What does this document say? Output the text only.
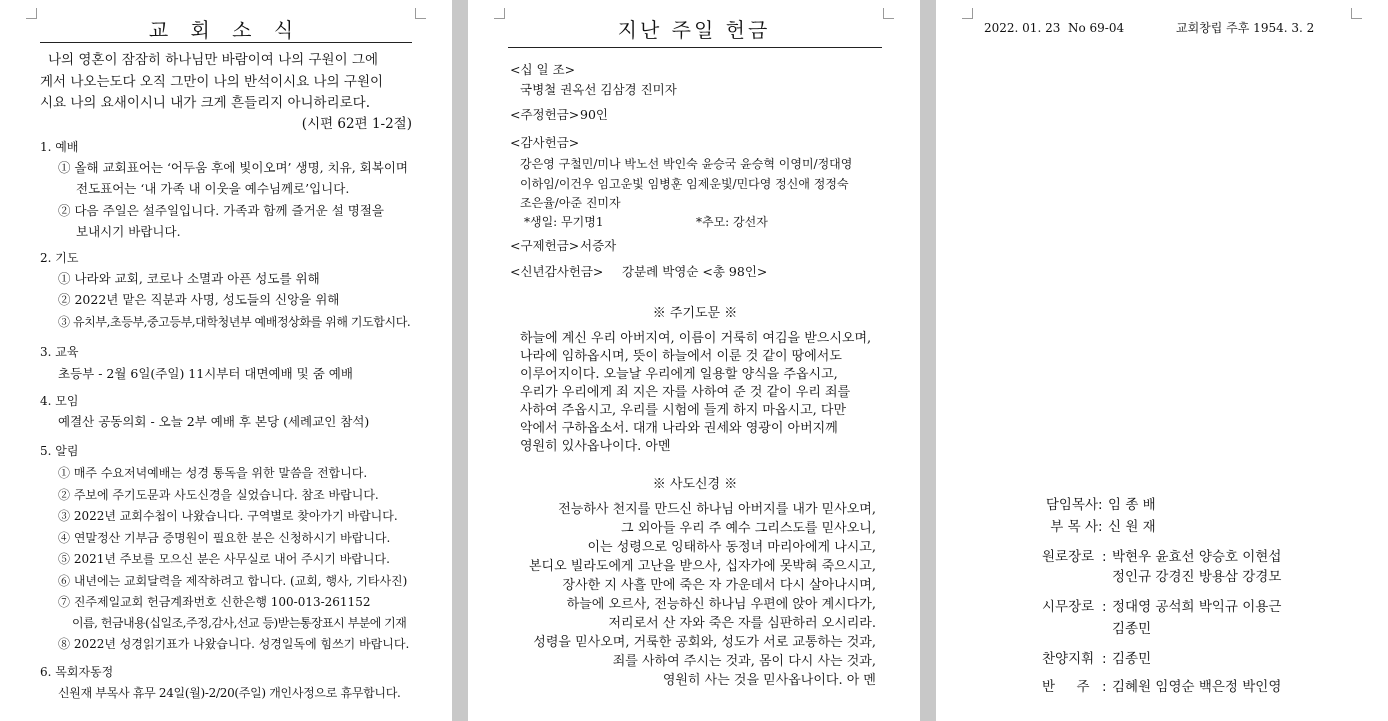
교 회 소 식
나의 영혼이 잠잠히 하나님만 바람이여 나의 구원이 그에
게서 나오는도다 오직 그만이 나의 반석이시요 나의 구원이
시요 나의 요새이시니 내가 크게 흔들리지 아니하리로다.
(시편 62편 1-2절)
1. 예배
① 올해 교회표어는 ‘어두움 후에 빛이오며’ 생명, 치유, 회복이며
전도표어는 ‘내 가족 내 이웃을 예수님께로’입니다.
② 다음 주일은 설주일입니다. 가족과 함께 즐거운 설 명절을
보내시기 바랍니다.
2. 기도
① 나라와 교회, 코로나 소멸과 아픈 성도를 위해
② 2022년 맡은 직분과 사명, 성도들의 신앙을 위해
③ 유치부,초등부,중고등부,대학청년부 예배정상화를 위해 기도합시다.
3. 교육
초등부 - 2월 6일(주일) 11시부터 대면예배 및 줌 예배
4. 모임
예결산 공동의회 - 오늘 2부 예배 후 본당 (세례교인 참석)
5. 알림
① 매주 수요저녁예배는 성경 통독을 위한 말씀을 전합니다.
② 주보에 주기도문과 사도신경을 실었습니다. 참조 바랍니다.
③ 2022년 교회수첩이 나왔습니다. 구역별로 찾아가기 바랍니다.
④ 연말정산 기부금 증명원이 필요한 분은 신청하시기 바랍니다.
⑤ 2021년 주보를 모으신 분은 사무실로 내어 주시기 바랍니다.
⑥ 내년에는 교회달력을 제작하려고 합니다. (교회, 행사, 기타사진)
⑦ 진주제일교회 헌금계좌번호 신한은행 100-013-261152
이름, 헌금내용(십일조,주정,감사,선교 등)받는통장표시 부분에 기재
⑧ 2022년 성경읽기표가 나왔습니다. 성경일독에 힘쓰기 바랍니다.
6. 목회자동정
신원재 부목사 휴무 24일(월)-2/20(주일) 개인사정으로 휴무합니다.
지난 주일 헌금
<십 일 조>
국병철 권옥선 김삼경 진미자
<주정헌금> 90인
<감사헌금>
강은영 구철민/미나 박노선 박인숙 윤승국 윤승혁 이영미/정대영
이하임/이건우 임고운빛 임병훈 임제운빛/민다영 정신애 정정숙
조은율/아준 진미자
*생일: 무기명1	*추모: 강선자
<구제헌금> 서증자
<신년감사헌금> 강분례 박영순 <총 98인>
※ 주기도문 ※
하늘에 계신 우리 아버지여, 이름이 거룩히 여김을 받으시오며,
나라에 임하옵시며, 뜻이 하늘에서 이룬 것 같이 땅에서도
이루어지이다. 오늘날 우리에게 일용할 양식을 주옵시고,
우리가 우리에게 죄 지은 자를 사하여 준 것 같이 우리 죄를
사하여 주옵시고, 우리를 시험에 들게 하지 마옵시고, 다만
악에서 구하옵소서. 대개 나라와 권세와 영광이 아버지께
영원히 있사옵나이다. 아멘
※ 사도신경 ※
전능하사 천지를 만드신 하나님 아버지를 내가 믿사오며,
그 외아들 우리 주 예수 그리스도를 믿사오니,
이는 성령으로 잉태하사 동정녀 마리아에게 나시고,
본디오 빌라도에게 고난을 받으사, 십자가에 못박혀 죽으시고,
장사한 지 사흘 만에 죽은 자 가운데서 다시 살아나시며,
하늘에 오르사, 전능하신 하나님 우편에 앉아 계시다가,
저리로서 산 자와 죽은 자를 심판하러 오시리라.
성령을 믿사오며, 거룩한 공회와, 성도가 서로 교통하는 것과,
죄를 사하여 주시는 것과, 몸이 다시 사는 것과,
영원히 사는 것을 믿사옵나이다. 아 멘
2022. 01. 23 No 69-04	교회창립 주후 1954. 3. 2
담임목사 : 임 종 배
부 목 사 : 신 원 재
원로장로 : 박현우 윤효선 양승호 이현섭
정인규 강경진 방용삼 강경모
시무장로 : 정대영 공석희 박익규 이용근
김종민
찬양지휘 : 김종민
반     주 : 김혜원 임영순 백은정 박인영
